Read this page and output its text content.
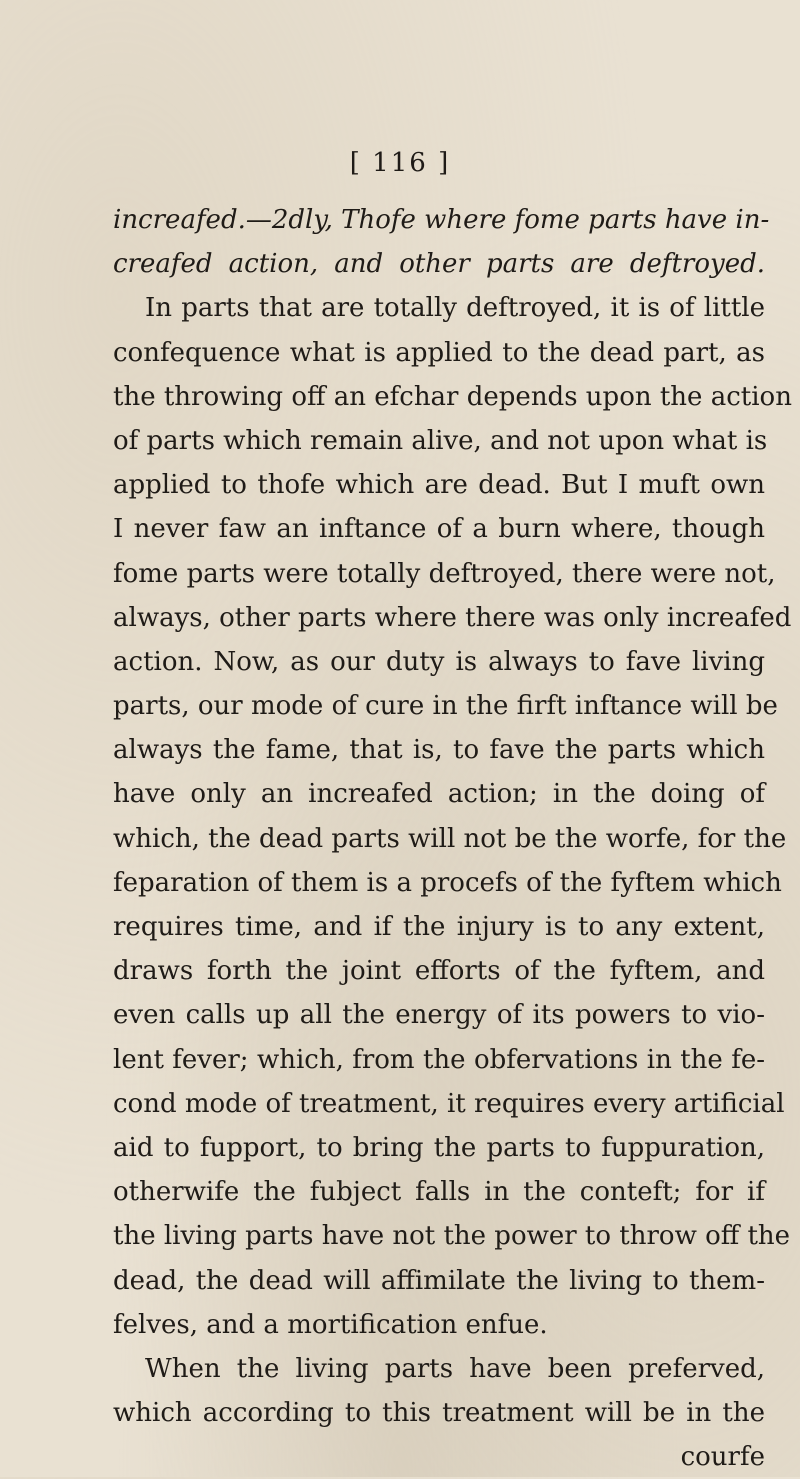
[ 116 ]
increafed.—2dly, Thofe where fome parts have in-
creafed action, and other parts are deftroyed.
In parts that are totally deftroyed, it is of little
confequence what is applied to the dead part, as
the throwing off an efchar depends upon the action
of parts which remain alive, and not upon what is
applied to thofe which are dead. But I muft own
I never faw an inftance of a burn where, though
fome parts were totally deftroyed, there were not,
always, other parts where there was only increafed
action. Now, as our duty is always to fave living
parts, our mode of cure in the firft inftance will be
always the fame, that is, to fave the parts which
have only an increafed action; in the doing of
which, the dead parts will not be the worfe, for the
feparation of them is a procefs of the fyftem which
requires time, and if the injury is to any extent,
draws forth the joint efforts of the fyftem, and
even calls up all the energy of its powers to vio-
lent fever; which, from the obfervations in the fe-
cond mode of treatment, it requires every artificial
aid to fupport, to bring the parts to fuppuration,
otherwife the fubject falls in the conteft; for if
the living parts have not the power to throw off the
dead, the dead will affimilate the living to them-
felves, and a mortification enfue.
When the living parts have been preferved,
which according to this treatment will be in the
courfe
